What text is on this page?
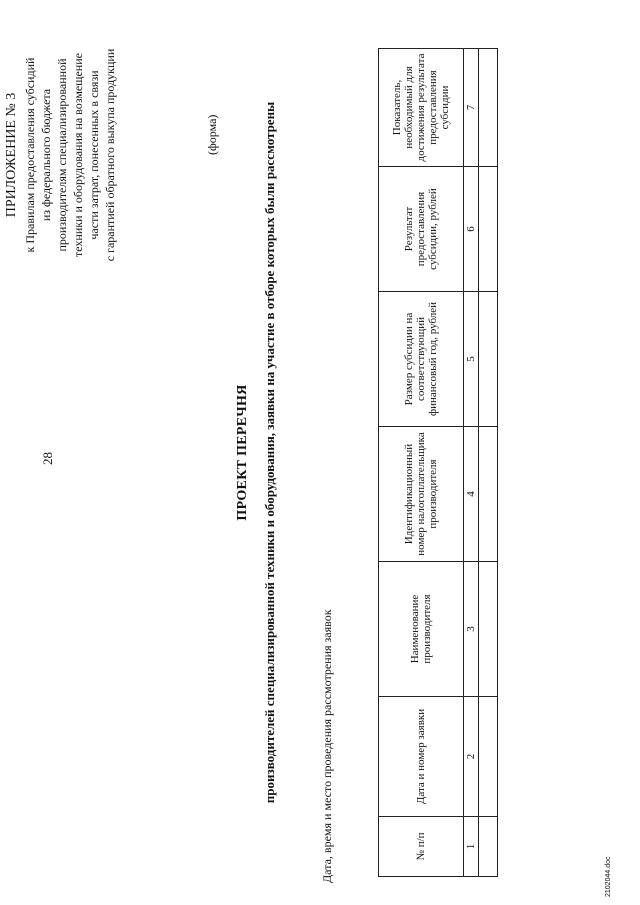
28
ПРИЛОЖЕНИЕ № 3 к Правилам предоставления субсидий из федерального бюджета производителям специализированной техники и оборудования на возмещение части затрат, понесенных в связи с гарантией обратного выкупа продукции	(форма)
ПРОЕКТ ПЕРЕЧНЯ производителей специализированной техники и оборудования, заявки на участие в отборе которых были рассмотрены	Дата, время и место проведения рассмотрения заявок	№ п/п	Дата и номер заявки	Наименование производителя	Идентификационный номер налогоплательщика производителя	Размер субсидии на соответствующий финансовый год, рублей	Результат предоставления субсидии, рублей	Показатель, необходимый для достижения результата предоставления субсидии
1	2	3	4	5	6	7

2102044.doc
